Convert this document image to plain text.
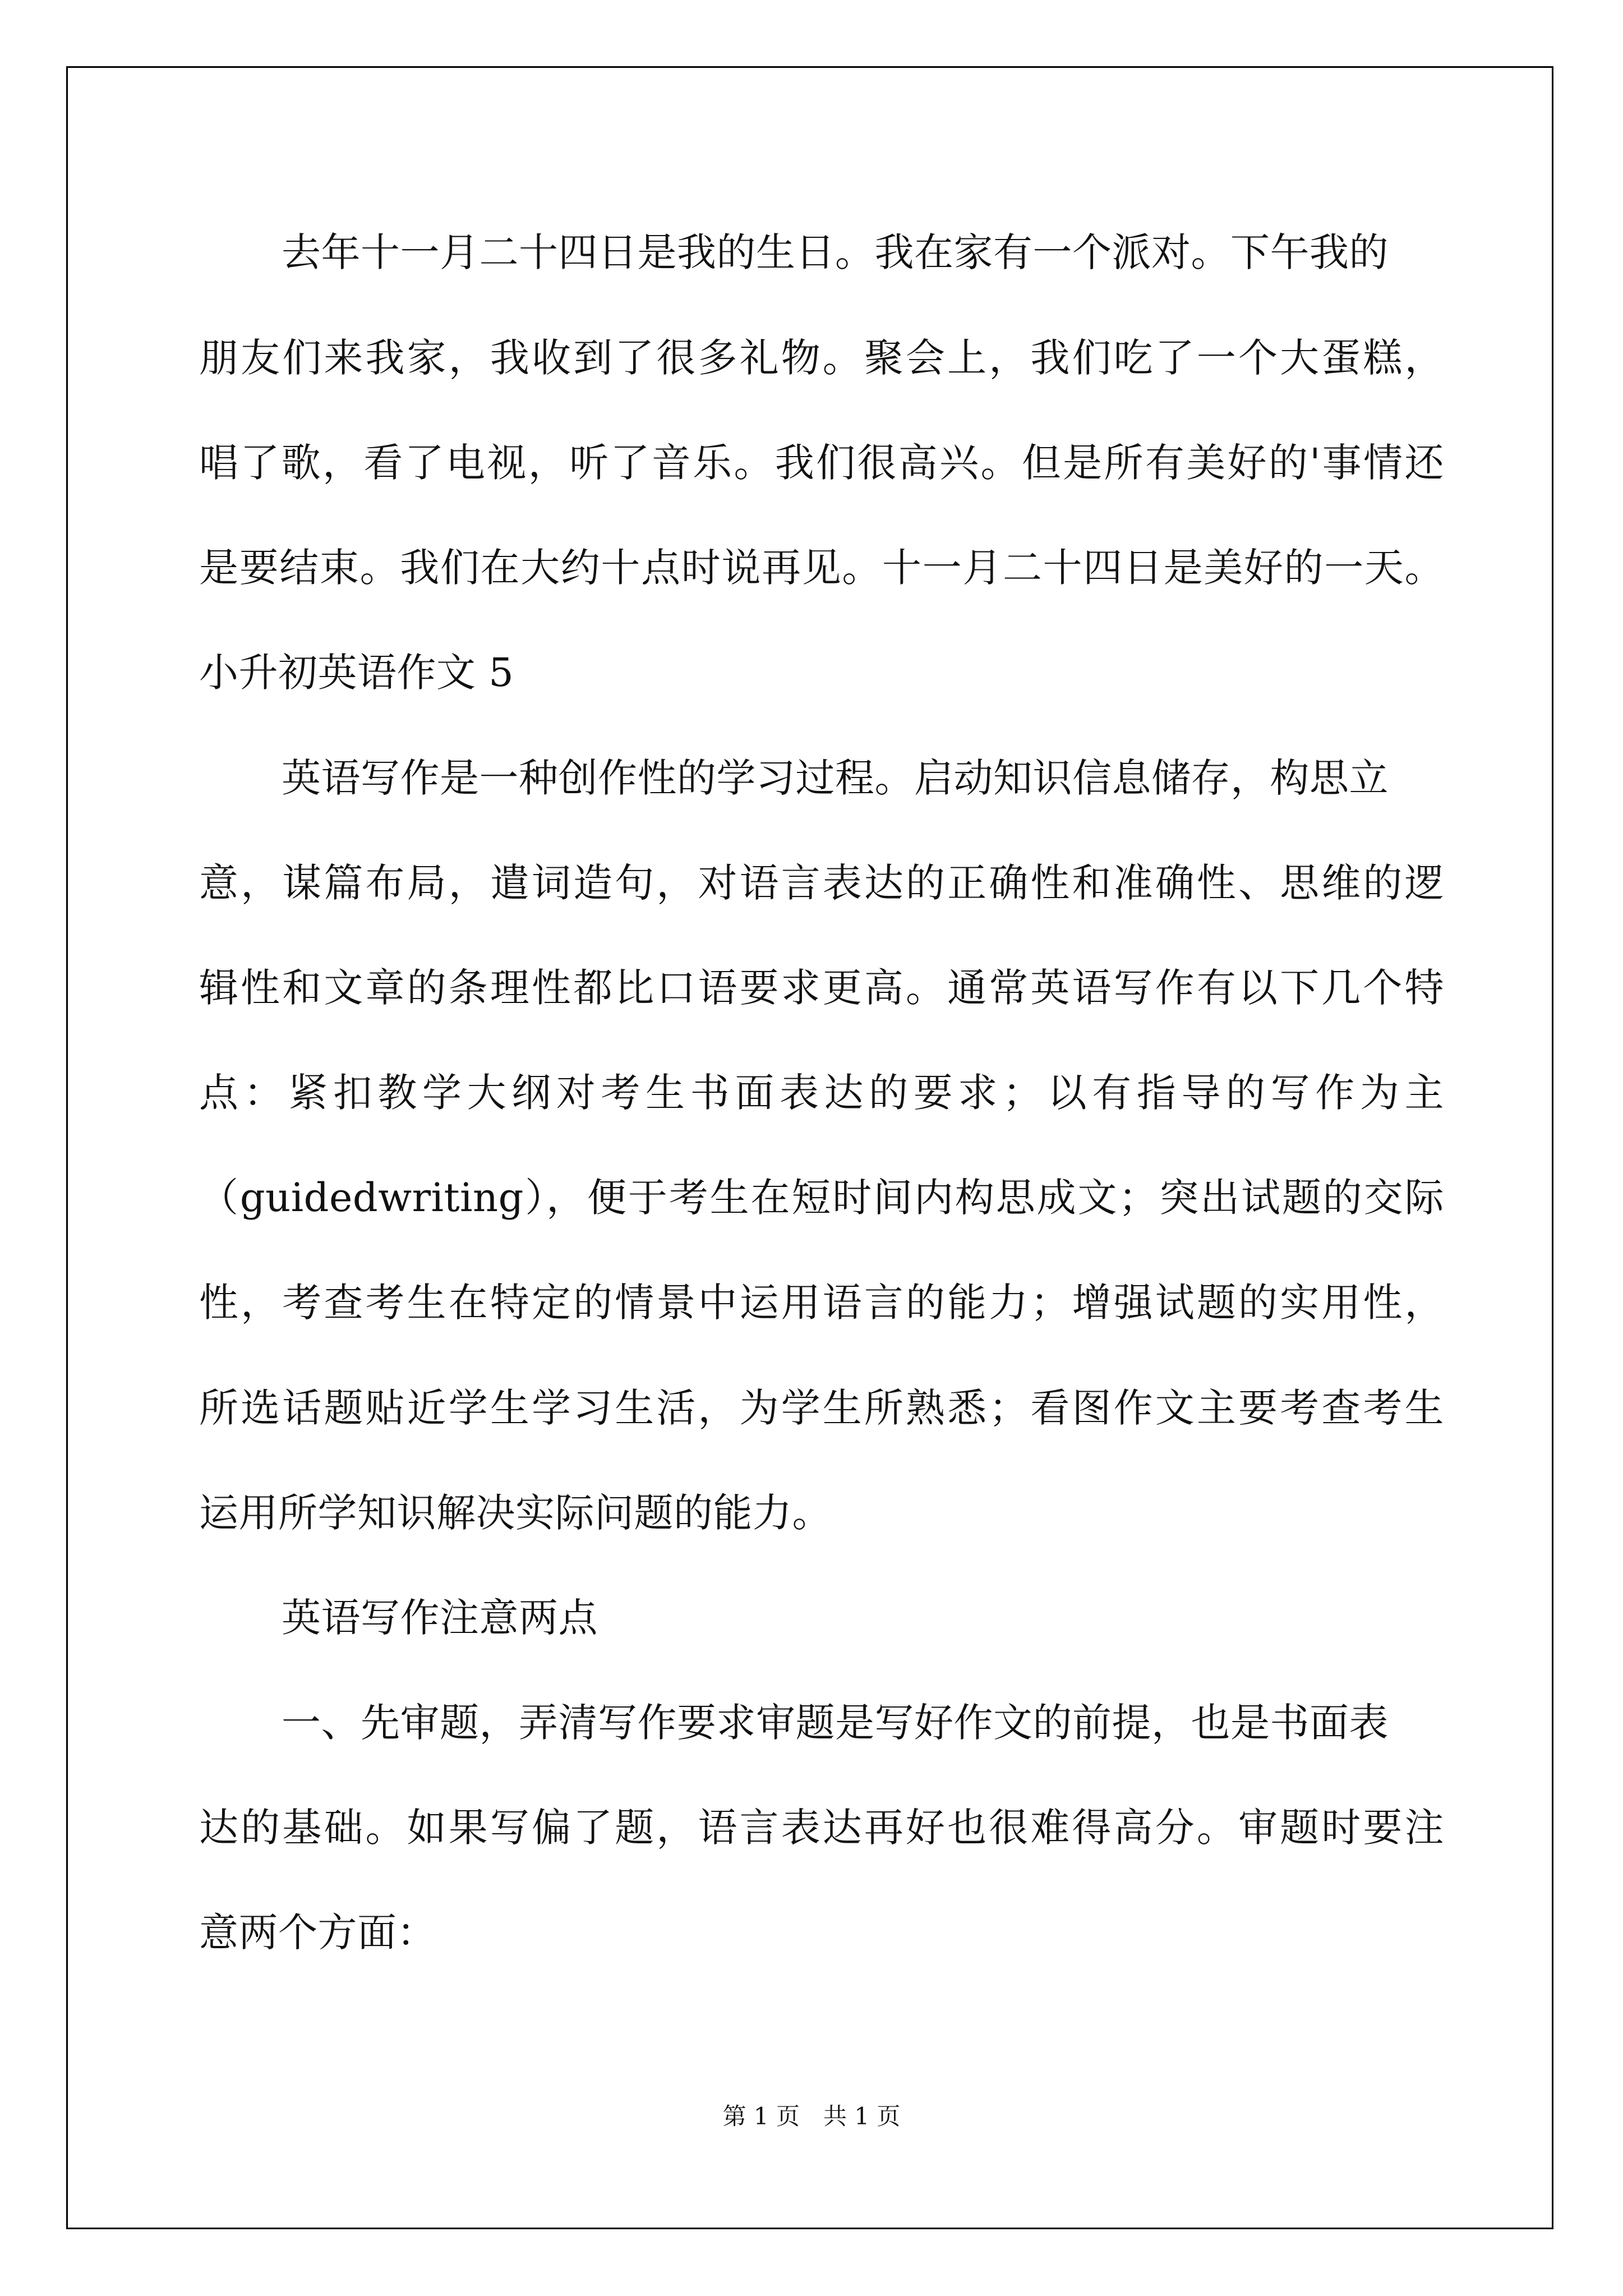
去年十一月二十四日是我的生日。我在家有一个派对。下午我的
朋友们来我家，我收到了很多礼物。聚会上，我们吃了一个大蛋糕，
唱了歌，看了电视，听了音乐。我们很高兴。但是所有美好的'事情还
是要结束。我们在大约十点时说再见。十一月二十四日是美好的一天。
小升初英语作文 5
英语写作是一种创作性的学习过程。启动知识信息储存，构思立
意，谋篇布局，遣词造句，对语言表达的正确性和准确性、思维的逻
辑性和文章的条理性都比口语要求更高。通常英语写作有以下几个特
点：紧扣教学大纲对考生书面表达的要求；以有指导的写作为主
（guidedwriting），便于考生在短时间内构思成文；突出试题的交际
性，考查考生在特定的情景中运用语言的能力；增强试题的实用性，
所选话题贴近学生学习生活，为学生所熟悉；看图作文主要考查考生
运用所学知识解决实际问题的能力。
英语写作注意两点
一、先审题，弄清写作要求审题是写好作文的前提，也是书面表
达的基础。如果写偏了题，语言表达再好也很难得高分。审题时要注
意两个方面：
第 1 页　共 1 页
